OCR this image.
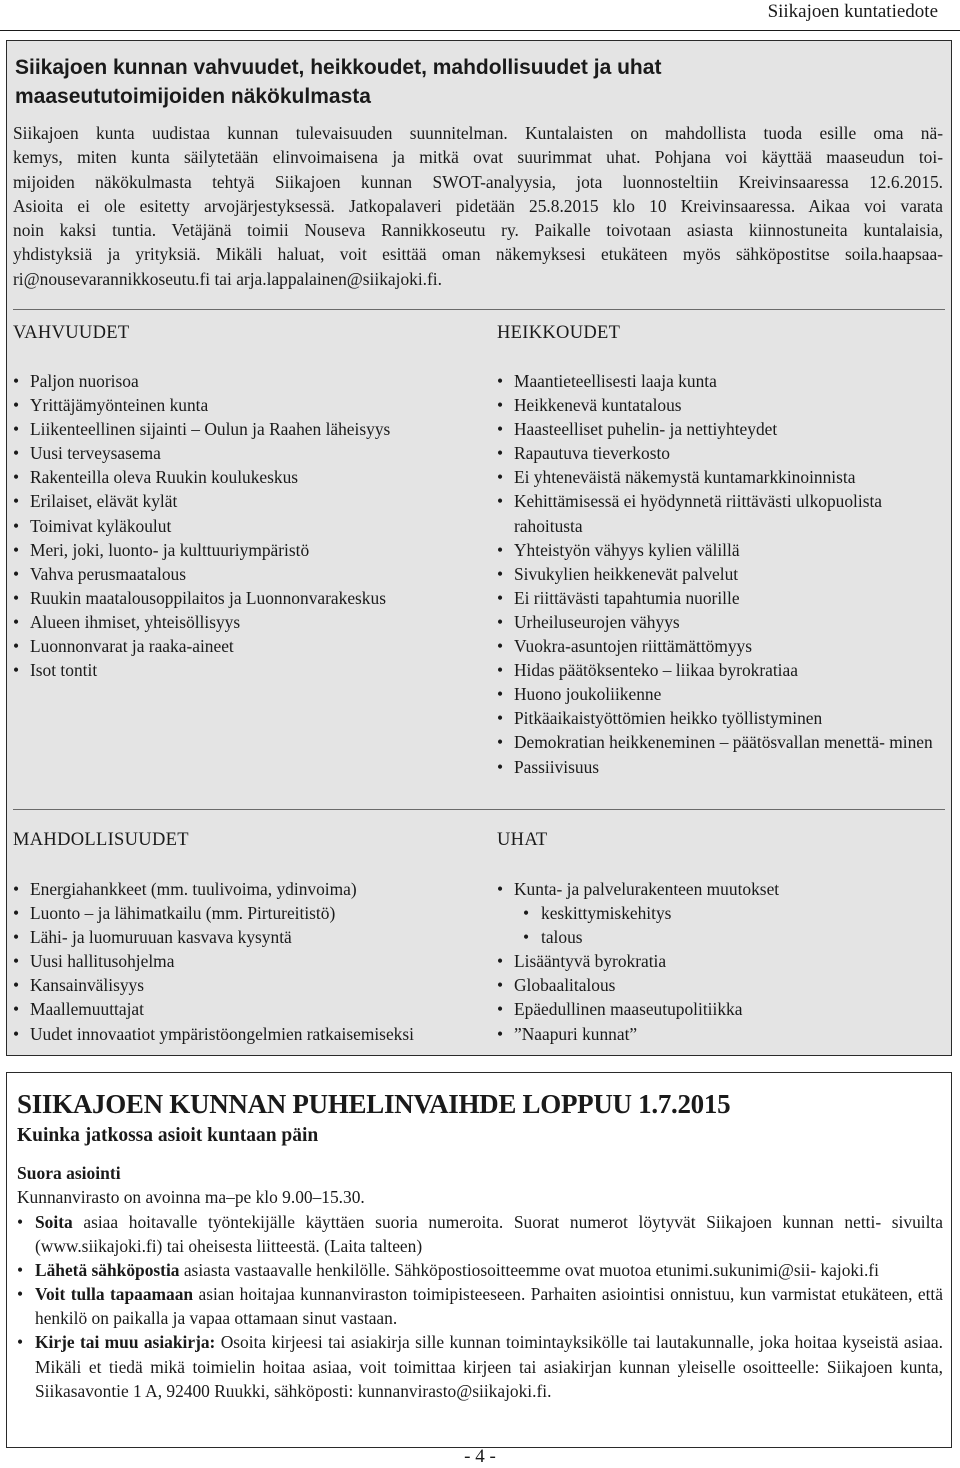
Siikajoen kuntatiedote
Siikajoen kunnan vahvuudet, heikkoudet, mahdollisuudet ja uhat
maaseututoimijoiden näkökulmasta

Siikajoen kunta uudistaa kunnan tulevaisuuden suunnitelman. Kuntalaisten on mahdollista tuoda esille oma nä-
kemys, miten kunta säilytetään elinvoimaisena ja mitkä ovat suurimmat uhat. Pohjana voi käyttää maaseudun toi-
mijoiden näkökulmasta tehtyä Siikajoen kunnan SWOT-analyysia, jota luonnosteltiin Kreivinsaaressa 12.6.2015.
Asioita ei ole esitetty arvojärjestyksessä. Jatkopalaveri pidetään 25.8.2015 klo 10 Kreivinsaaressa. Aikaa voi varata
noin kaksi tuntia. Vetäjänä toimii Nouseva Rannikkoseutu ry. Paikalle toivotaan asiasta kiinnostuneita kuntalaisia,
yhdistyksiä ja yrityksiä. Mikäli haluat, voit esittää oman näkemyksesi etukäteen myös sähköpostitse soila.haapsaa-
ri@nousevarannikkoseutu.fi tai arja.lappalainen@siikajoki.fi.

VAHVUUDET
• Paljon nuorisoa
• Yrittäjämyönteinen kunta
• Liikenteellinen sijainti – Oulun ja Raahen läheisyys
• Uusi terveysasema
• Rakenteilla oleva Ruukin koulukeskus
• Erilaiset, elävät kylät
• Toimivat kyläkoulut
• Meri, joki, luonto- ja kulttuuriympäristö
• Vahva perusmaatalous
• Ruukin maatalousoppilaitos ja Luonnonvarakeskus
• Alueen ihmiset, yhteisöllisyys
• Luonnonvarat ja raaka-aineet
• Isot tontit
HEIKKOUDET
• Maantieteellisesti laaja kunta
• Heikkenevä kuntatalous
• Haasteelliset puhelin- ja nettiyhteydet
• Rapautuva tieverkosto
• Ei yhteneväistä näkemystä kuntamarkkinoinnista
• Kehittämisessä ei hyödynnetä riittävästi ulkopuolista rahoitusta
• Yhteistyön vähyys kylien välillä
• Sivukylien heikkenevät palvelut
• Ei riittävästi tapahtumia nuorille
• Urheiluseurojen vähyys
• Vuokra-asuntojen riittämättömyys
• Hidas päätöksenteko – liikaa byrokratiaa
• Huono joukoliikenne
• Pitkäaikaistyöttömien heikko työllistyminen
• Demokratian heikkeneminen – päätösvallan menettä- minen
• Passiivisuus
MAHDOLLISUUDET
• Energiahankkeet (mm. tuulivoima, ydinvoima)
• Luonto – ja lähimatkailu (mm. Pirtureitistö)
• Lähi- ja luomuruuan kasvava kysyntä
• Uusi hallitusohjelma
• Kansainvälisyys
• Maallemuuttajat
• Uudet innovaatiot ympäristöongelmien ratkaisemiseksi
UHAT
• Kunta- ja palvelurakenteen muutokset
• keskittymiskehitys
• talous
• Lisääntyvä byrokratia
• Globaalitalous
• Epäedullinen maaseutupolitiikka
• ”Naapuri kunnat”
SIIKAJOEN KUNNAN PUHELINVAIHDE LOPPUU 1.7.2015
Kuinka jatkossa asioit kuntaan päin
Suora asiointi

Kunnanvirasto on avoinna ma–pe klo 9.00–15.30.

• Soita asiaa hoitavalle työntekijälle käyttäen suoria numeroita. Suorat numerot löytyvät Siikajoen kunnan netti- sivuilta (www.siikajoki.fi) tai oheisesta liitteestä. (Laita talteen)
• Lähetä sähköpostia asiasta vastaavalle henkilölle. Sähköpostiosoitteemme ovat muotoa etunimi.sukunimi@sii- kajoki.fi
• Voit tulla tapaamaan asian hoitajaa kunnanviraston toimipisteeseen. Parhaiten asiointisi onnistuu, kun varmistat etukäteen, että henkilö on paikalla ja vapaa ottamaan sinut vastaan.
• Kirje tai muu asiakirja: Osoita kirjeesi tai asiakirja sille kunnan toimintayksikölle tai lautakunnalle, joka hoitaa kyseistä asiaa. Mikäli et tiedä mikä toimielin hoitaa asiaa, voit toimittaa kirjeen tai asiakirjan kunnan yleiselle osoitteelle: Siikajoen kunta, Siikasavontie 1 A, 92400 Ruukki, sähköposti: kunnanvirasto@siikajoki.fi.
- 4 -
